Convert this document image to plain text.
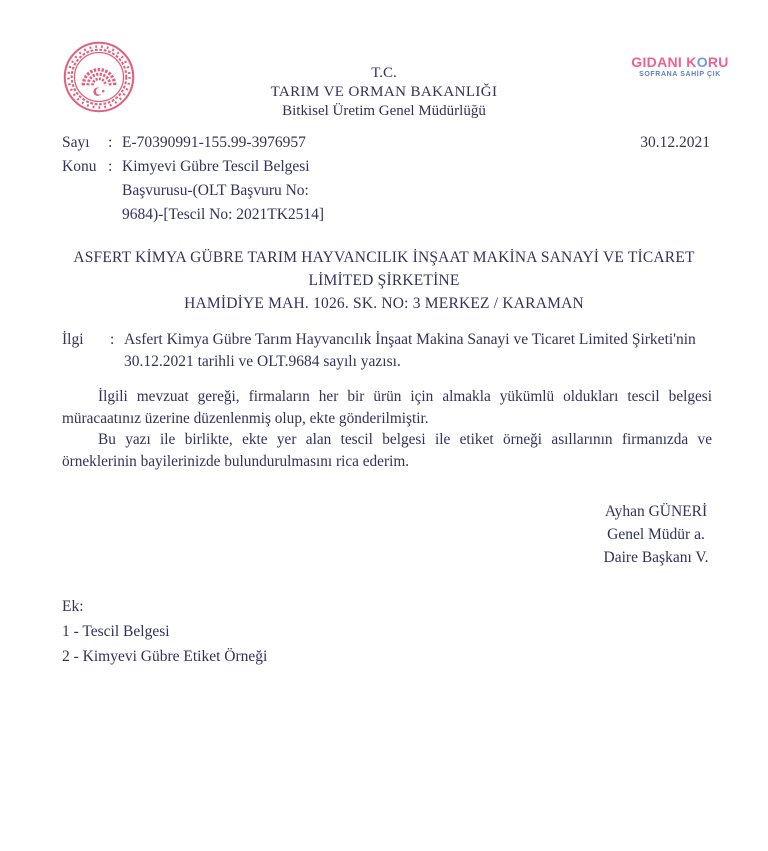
T.C.
TARIM VE ORMAN BAKANLIĞI
Bitkisel Üretim Genel Müdürlüğü
GIDANI KORU
SOFRANA SAHİP ÇIK
Sayı	: E-70390991-155.99-3976957
Konu : Kimyevi Gübre Tescil Belgesi
Başvurusu-(OLT Başvuru No:
9684)-[Tescil No: 2021TK2514]
30.12.2021
ASFERT KİMYA GÜBRE TARIM HAYVANCILIK İNŞAAT MAKİNA SANAYİ VE TİCARET
LİMİTED ŞİRKETİNE
HAMİDİYE MAH. 1026. SK. NO: 3 MERKEZ / KARAMAN
İlgi	: Asfert Kimya Gübre Tarım Hayvancılık İnşaat Makina Sanayi ve Ticaret Limited Şirketi'nin
30.12.2021 tarihli ve OLT.9684 sayılı yazısı.

İlgili mevzuat gereği, firmaların her bir ürün için almakla yükümlü oldukları tescil belgesi müracaatınız üzerine düzenlenmiş olup, ekte gönderilmiştir.

Bu yazı ile birlikte, ekte yer alan tescil belgesi ile etiket örneği asıllarının firmanızda ve örneklerinin bayilerinizde bulundurulmasını rica ederim.

Ayhan GÜNERİ
Genel Müdür a.
Daire Başkanı V.
Ek:
1 - Tescil Belgesi
2 - Kimyevi Gübre Etiket Örneği
